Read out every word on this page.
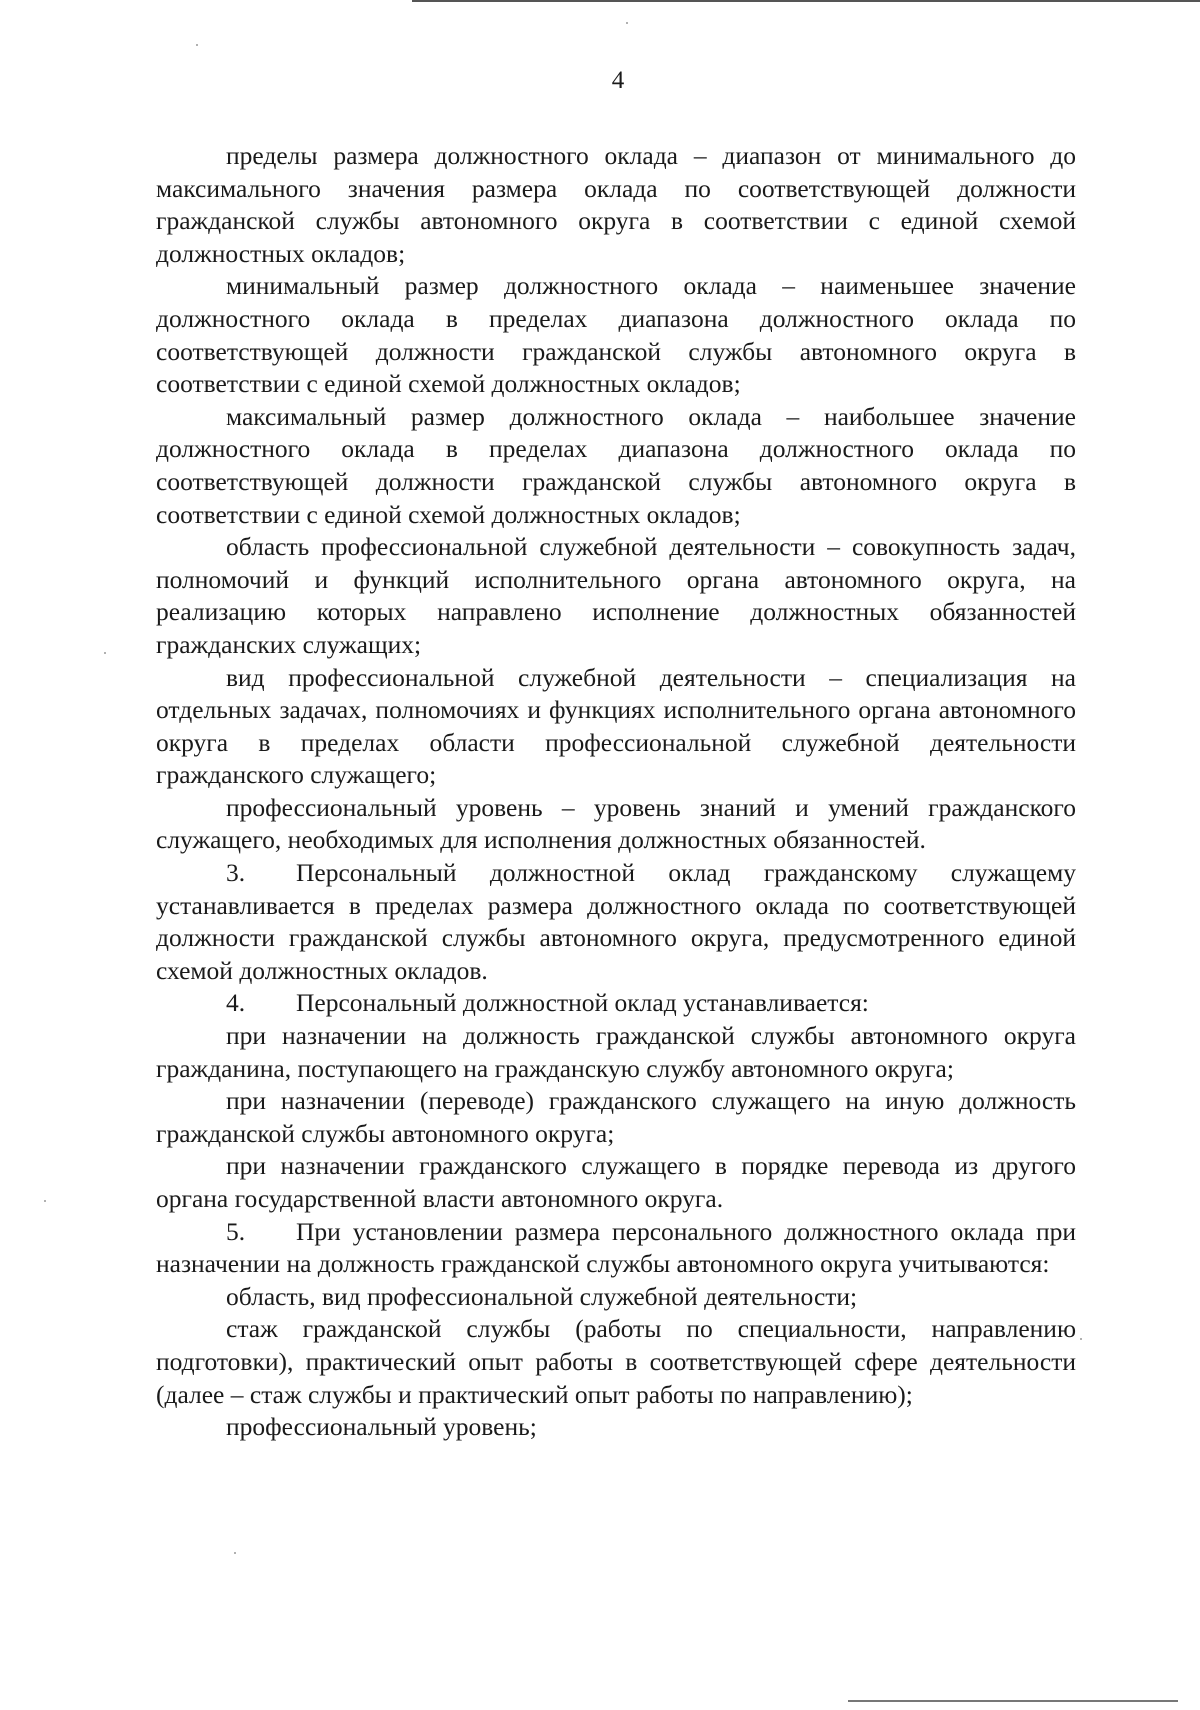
4

пределы размера должностного оклада – диапазон от минимального до максимального значения размера оклада по соответствующей должности гражданской службы автономного округа в соответствии с единой схемой должностных окладов;

минимальный размер должностного оклада – наименьшее значение должностного оклада в пределах диапазона должностного оклада по соответствующей должности гражданской службы автономного округа в соответствии с единой схемой должностных окладов;

максимальный размер должностного оклада – наибольшее значение должностного оклада в пределах диапазона должностного оклада по соответствующей должности гражданской службы автономного округа в соответствии с единой схемой должностных окладов;

область профессиональной служебной деятельности – совокупность задач, полномочий и функций исполнительного органа автономного округа, на реализацию которых направлено исполнение должностных обязанностей гражданских служащих;

вид профессиональной служебной деятельности – специализация на отдельных задачах, полномочиях и функциях исполнительного органа автономного округа в пределах области профессиональной служебной деятельности гражданского служащего;

профессиональный уровень – уровень знаний и умений гражданского служащего, необходимых для исполнения должностных обязанностей.

3. Персональный должностной оклад гражданскому служащему устанавливается в пределах размера должностного оклада по соответствующей должности гражданской службы автономного округа, предусмотренного единой схемой должностных окладов.

4. Персональный должностной оклад устанавливается:

при назначении на должность гражданской службы автономного округа гражданина, поступающего на гражданскую службу автономного округа;

при назначении (переводе) гражданского служащего на иную должность гражданской службы автономного округа;

при назначении гражданского служащего в порядке перевода из другого органа государственной власти автономного округа.

5. При установлении размера персонального должностного оклада при назначении на должность гражданской службы автономного округа учитываются:

область, вид профессиональной служебной деятельности;

стаж гражданской службы (работы по специальности, направлению подготовки), практический опыт работы в соответствующей сфере деятельности (далее – стаж службы и практический опыт работы по направлению);

профессиональный уровень;
